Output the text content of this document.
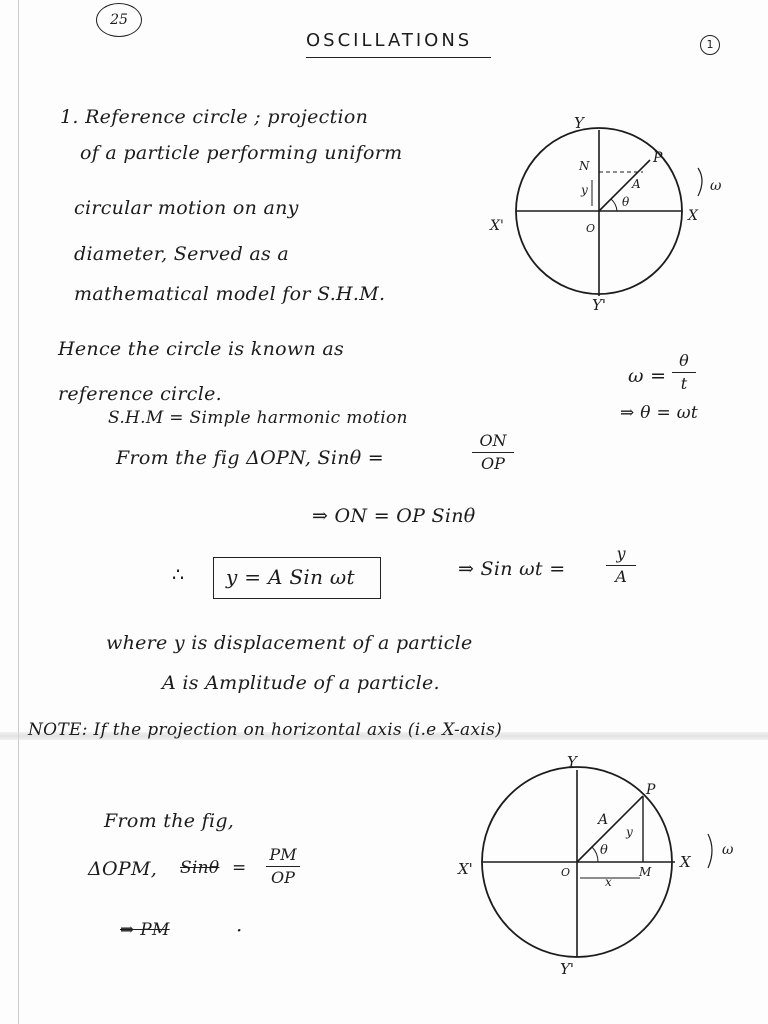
25
OSCILLATIONS	1
1. Reference circle ; projection
of a particle performing uniform
circular motion on any
diameter, Served as a
mathematical model for S.H.M.
Hence the circle is known as
reference circle.
S.H.M = Simple harmonic motion
From the fig ΔOPN, Sinθ =
ON
OP
⇒ ON = OP Sinθ
∴ y = A Sin ωt	⇒ Sin ωt =
y
A
ω =
θ
t
⇒ θ = ωt
where y is displacement of a particle
A is Amplitude of a particle.
Y
Y'
X'
X
N	P
A
y
θ
O
ω
NOTE: If the projection on horizontal axis (i.e X-axis)
From the fig,
ΔOPM, Sinθ =
PM
OP
⇒ PM	·
Y
Y'
X'	X
P
A
y
θ
O	M
x
ω
